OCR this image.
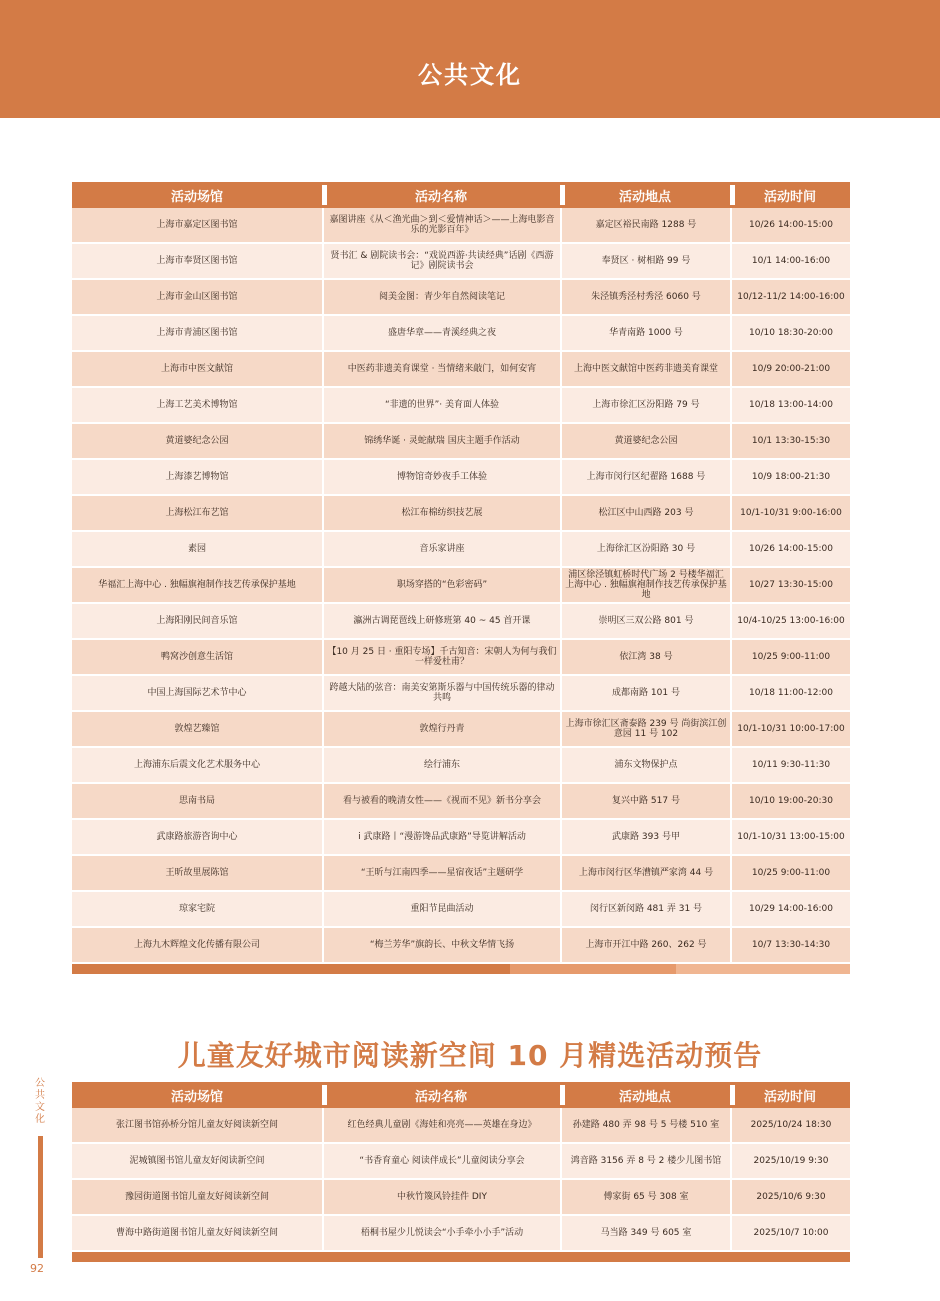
公共文化
活动场馆	活动名称	活动地点	活动时间
上海市嘉定区图书馆	嘉图讲座《从＜渔光曲＞到＜爱情神话＞——上海电影音乐的光影百年》	嘉定区裕民南路 1288 号	10/26 14:00-15:00
上海市奉贤区图书馆	贤书汇 & 剧院读书会：“戏说西游·共读经典”话剧《西游记》剧院读书会	奉贤区 · 树相路 99 号	10/1 14:00-16:00
上海市金山区图书馆	阅美金图：青少年自然阅读笔记	朱泾镇秀泾村秀泾 6060 号	10/12-11/2 14:00-16:00
上海市青浦区图书馆	盛唐华章——青溪经典之夜	华青南路 1000 号	10/10 18:30-20:00
上海市中医文献馆	中医药非遗美育课堂 · 当情绪来敲门，如何安宵	上海中医文献馆中医药非遗美育课堂	10/9 20:00-21:00
上海工艺美术博物馆	“非遗的世界”· 美育面人体验	上海市徐汇区汾阳路 79 号	10/18 13:00-14:00
黄道婆纪念公园	锦绣华诞 · 灵蛇献瑞 国庆主题手作活动	黄道婆纪念公园	10/1 13:30-15:30
上海漆艺博物馆	博物馆奇妙夜手工体验	上海市闵行区纪翟路 1688 号	10/9 18:00-21:30
上海松江布艺馆	松江布棉纺织技艺展	松江区中山西路 203 号	10/1-10/31 9:00-16:00
素园	音乐家讲座	上海徐汇区汾阳路 30 号	10/26 14:00-15:00
华福汇上海中心 . 独幅旗袍制作技艺传承保护基地	职场穿搭的“色彩密码”	浦区徐泾镇虹桥时代广场 2 号楼华福汇上海中心 . 独幅旗袍制作技艺传承保护基地	10/27 13:30-15:00
上海阳刚民间音乐馆	瀛洲古调琵琶线上研修班第 40 ~ 45 首开课	崇明区三双公路 801 号	10/4-10/25 13:00-16:00
鸭窝沙创意生活馆	【10 月 25 日 · 重阳专场】千古知音：宋朝人为何与我们一样爱杜甫？	依江湾 38 号	10/25 9:00-11:00
中国上海国际艺术节中心	跨越大陆的弦音：南美安第斯乐器与中国传统乐器的律动共鸣	成都南路 101 号	10/18 11:00-12:00
敦煌艺臻馆	敦煌行丹青	上海市徐汇区斋泰路 239 号 尚街滨江创意园 11 号 102	10/1-10/31 10:00-17:00
上海浦东后震文化艺术服务中心	绘行浦东	浦东文物保护点	10/11 9:30-11:30
思南书局	看与被看的晚清女性——《视而不见》新书分享会	复兴中路 517 号	10/10 19:00-20:30
武康路旅游咨询中心	i 武康路丨“漫游馋品武康路”导览讲解活动	武康路 393 号甲	10/1-10/31 13:00-15:00
王昕故里展陈馆	“王昕与江南四季——星宿夜话”主题研学	上海市闵行区华漕镇严家湾 44 号	10/25 9:00-11:00
琼家宅院	重阳节昆曲活动	闵行区新闵路 481 弄 31 号	10/29 14:00-16:00
上海九木辉煌文化传播有限公司	“梅兰芳华”旗韵长、中秋文华情飞扬	上海市开江中路 260、262 号	10/7 13:30-14:30
儿童友好城市阅读新空间 10 月精选活动预告
活动场馆	活动名称	活动地点	活动时间
张江图书馆孙桥分馆儿童友好阅读新空间	红色经典儿童剧《海娃和亮亮——英雄在身边》	孙建路 480 弄 98 号 5 号楼 510 室	2025/10/24 18:30
泥城镇图书馆儿童友好阅读新空间	“书香育童心 阅读伴成长”儿童阅读分享会	鸿音路 3156 弄 8 号 2 楼少儿图书馆	2025/10/19 9:30
豫园街道图书馆儿童友好阅读新空间	中秋竹篾风铃挂件 DIY	傅家街 65 号 308 室	2025/10/6 9:30
曹海中路街道图书馆儿童友好阅读新空间	梧桐书屋少儿悦读会“小手牵小小手”活动	马当路 349 号 605 室	2025/10/7 10:00
公共文化
92
